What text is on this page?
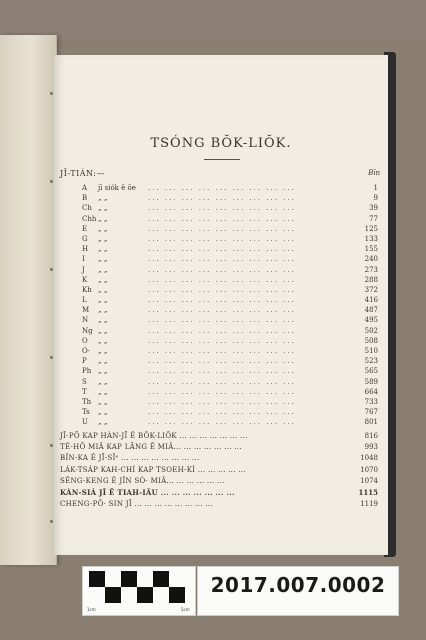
TSÓNG BŎK-LIŎK.
JĪ-TIÁN:—	Bīn
A	jī siók ê ōe ... ... ... ... ... ... ... ... ...	1
B	„ „	... ... ... ... ... ... ... ... ...	9
Ch „ „	... ... ... ... ... ... ... ... ...	39
Chh „ „	... ... ... ... ... ... ... ... ...	77
E	„ „	... ... ... ... ... ... ... ... ...	125
G	„ „	... ... ... ... ... ... ... ... ...	133
H	„ „	... ... ... ... ... ... ... ... ...	155
I	„ „	... ... ... ... ... ... ... ... ...	240
J	„ „	... ... ... ... ... ... ... ... ...	273
K	„ „	... ... ... ... ... ... ... ... ...	288
Kh „ „	... ... ... ... ... ... ... ... ...	372
L	„ „	... ... ... ... ... ... ... ... ...	416
M	„ „	... ... ... ... ... ... ... ... ...	487
N	„ „	... ... ... ... ... ... ... ... ...	495
Ng „ „	... ... ... ... ... ... ... ... ...	502
O	„ „	... ... ... ... ... ... ... ... ...	508
O·	„ „	... ... ... ... ... ... ... ... ...	510
P	„ „	... ... ... ... ... ... ... ... ...	523
Ph „ „	... ... ... ... ... ... ... ... ...	565
S	„ „	... ... ... ... ... ... ... ... ...	589
T	„ „	... ... ... ... ... ... ... ... ...	664
Th „ „	... ... ... ... ... ... ... ... ...	733
Ts	„ „	... ... ... ... ... ... ... ... ...	767
U	„ „	... ... ... ... ... ... ... ... ...	801
JĪ-PŌ KAP HÀN-JĪ Ê BŎK-LIŎK ... ... ... ... ... ... ...	816
TÊ-HŌ MIÂ KAP LĀNG Ê MIÂ... ... ... ... ... ... ...	993
BÎN-KA Ê JĪ-SÎᵉ ... ... ... ... ... ... ... ...	1048
LÁK-TSÁP KAH-CHÍ KAP TSOEH-KÌ ... ... ... ... ...	1070
SÊNG-KENG Ê JÎN SÒ· MIÂ... ... ... ... ... ...	1074
KÁN-SIÁ JĪ Ê TIAH-IÂU ... ... ... ... ... ... ...	1115
CHENG-PŌ· SIN JĪ ... ... ... ... ... ... ... ...	1119
1cm	5cm
2017.007.0002
